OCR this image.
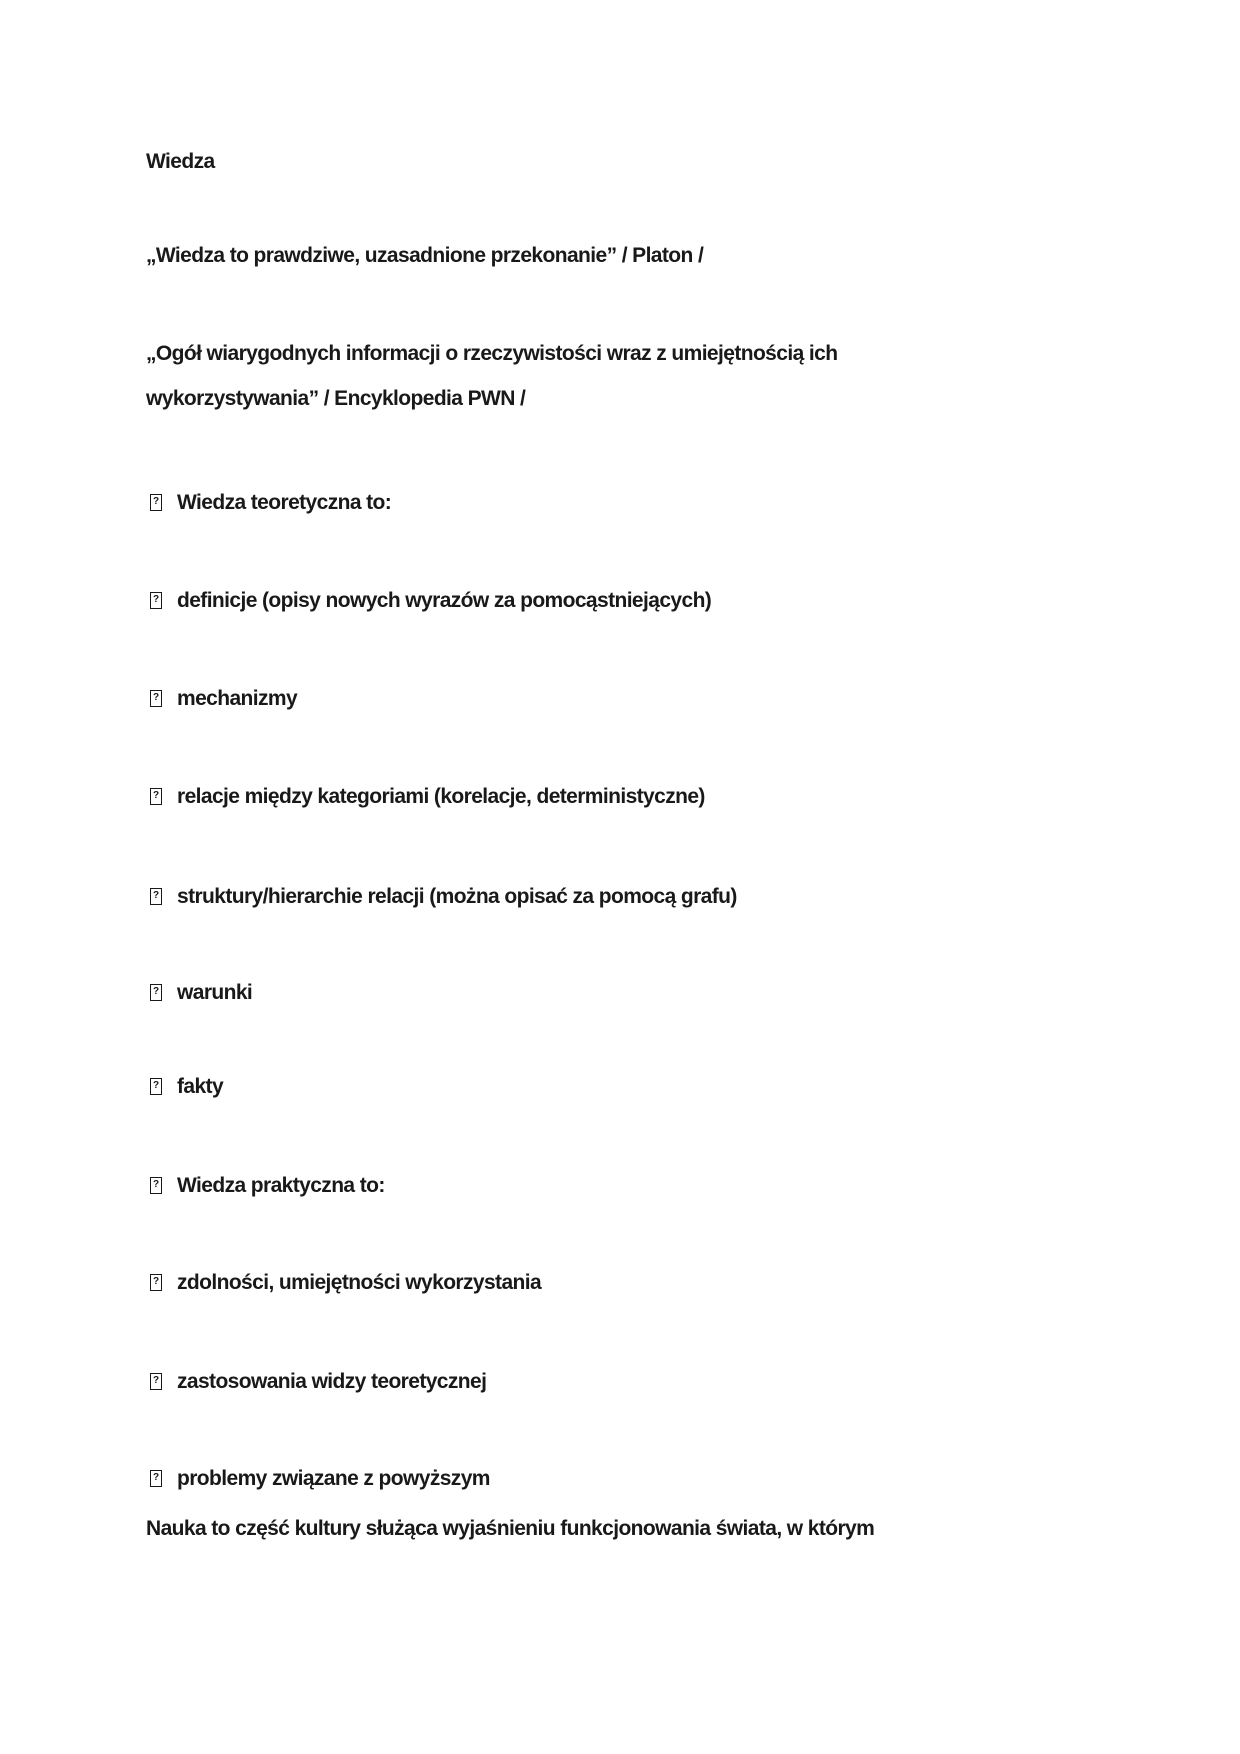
Wiedza
„Wiedza to prawdziwe, uzasadnione przekonanie” / Platon /
„Ogół wiarygodnych informacji o rzeczywistości wraz z umiejętnością ich
wykorzystywania” / Encyklopedia PWN /
? Wiedza teoretyczna to:
? definicje (opisy nowych wyrazów za pomocąstniejących)
? mechanizmy
? relacje między kategoriami (korelacje, deterministyczne)
? struktury/hierarchie relacji (można opisać za pomocą grafu)
? warunki
? fakty
? Wiedza praktyczna to:
? zdolności, umiejętności wykorzystania
? zastosowania widzy teoretycznej
? problemy związane z powyższym
Nauka to część kultury służąca wyjaśnieniu funkcjonowania świata, w którym
